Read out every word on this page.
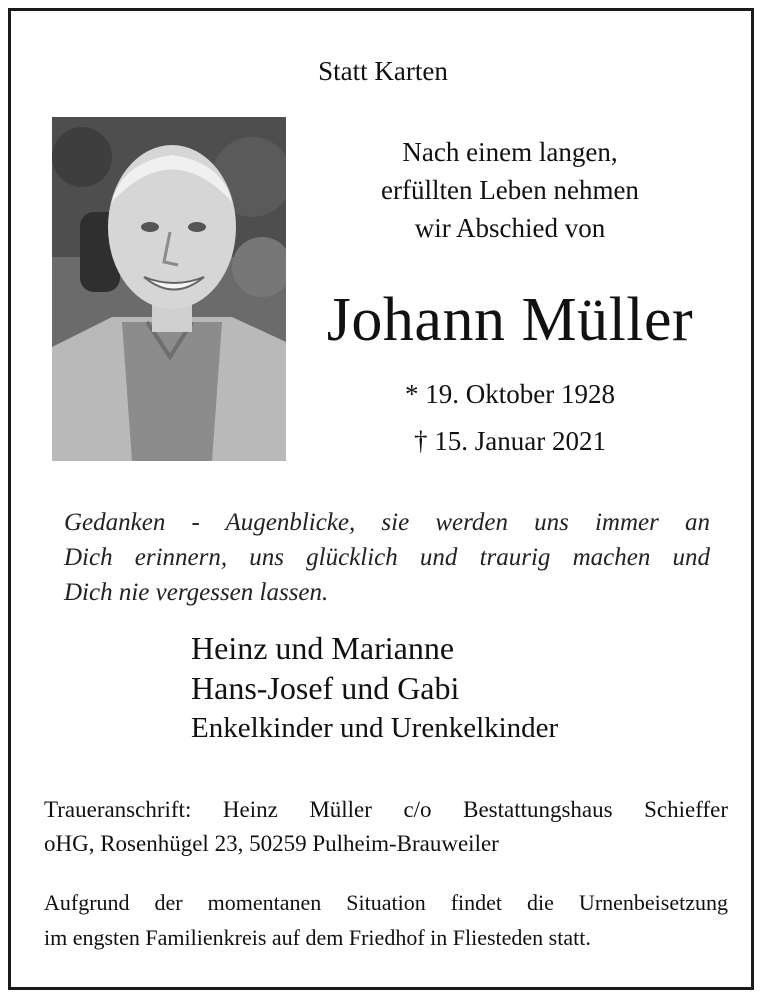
Statt Karten
Nach einem langen,
erfüllten Leben nehmen
wir Abschied von
Johann Müller
* 19. Oktober 1928
† 15. Januar 2021
Gedanken - Augenblicke, sie werden uns immer an
Dich erinnern, uns glücklich und traurig machen und
Dich nie vergessen lassen.
Heinz und Marianne
Hans-Josef und Gabi
Enkelkinder und Urenkelkinder
Traueranschrift: Heinz Müller c/o Bestattungshaus Schieffer
oHG, Rosenhügel 23, 50259 Pulheim-Brauweiler
Aufgrund der momentanen Situation findet die Urnenbeisetzung
im engsten Familienkreis auf dem Friedhof in Fliesteden statt.
